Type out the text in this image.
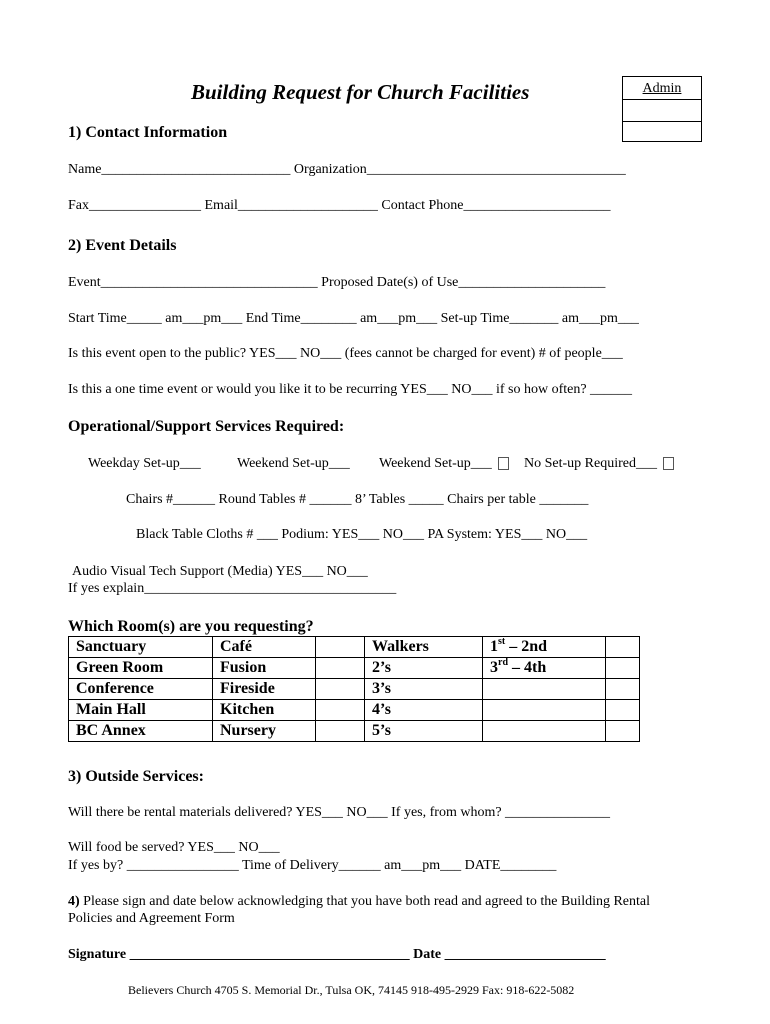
Building Request for Church Facilities	Admin
1) Contact Information
Name___________________________ Organization_____________________________________
Fax________________ Email____________________ Contact Phone_____________________
2) Event Details
Event_______________________________ Proposed Date(s) of Use_____________________
Start Time_____ am___pm___ End Time________ am___pm___ Set-up Time_______ am___pm___
Is this event open to the public? YES___ NO___ (fees cannot be charged for event) # of people___
Is this a one time event or would you like it to be recurring YES___ NO___ if so how often? ______
Operational/Support Services Required:
Weekday Set-up___	Weekend Set-up___ Weekend Set-up___	No Set-up Required___
Chairs #______ Round Tables # ______ 8’ Tables _____ Chairs per table _______
Black Table Cloths # ___ Podium: YES___ NO___ PA System: YES___ NO___
Audio Visual Tech Support (Media) YES___ NO___
If yes explain____________________________________
Which Room(s) are you requesting?
Sanctuary	Café		Walkers	1st – 2nd	
Green Room	Fusion		2’s	3rd – 4th	
Conference	Fireside		3’s		
Main Hall	Kitchen		4’s		
BC Annex	Nursery		5’s		
3) Outside Services:
Will there be rental materials delivered? YES___ NO___ If yes, from whom? _______________
Will food be served? YES___ NO___
If yes by? ________________ Time of Delivery______ am___pm___ DATE________
4) Please sign and date below acknowledging that you have both read and agreed to the Building Rental
Policies and Agreement Form
Signature ________________________________________ Date _______________________
Believers Church 4705 S. Memorial Dr., Tulsa OK, 74145 918-495-2929 Fax: 918-622-5082
